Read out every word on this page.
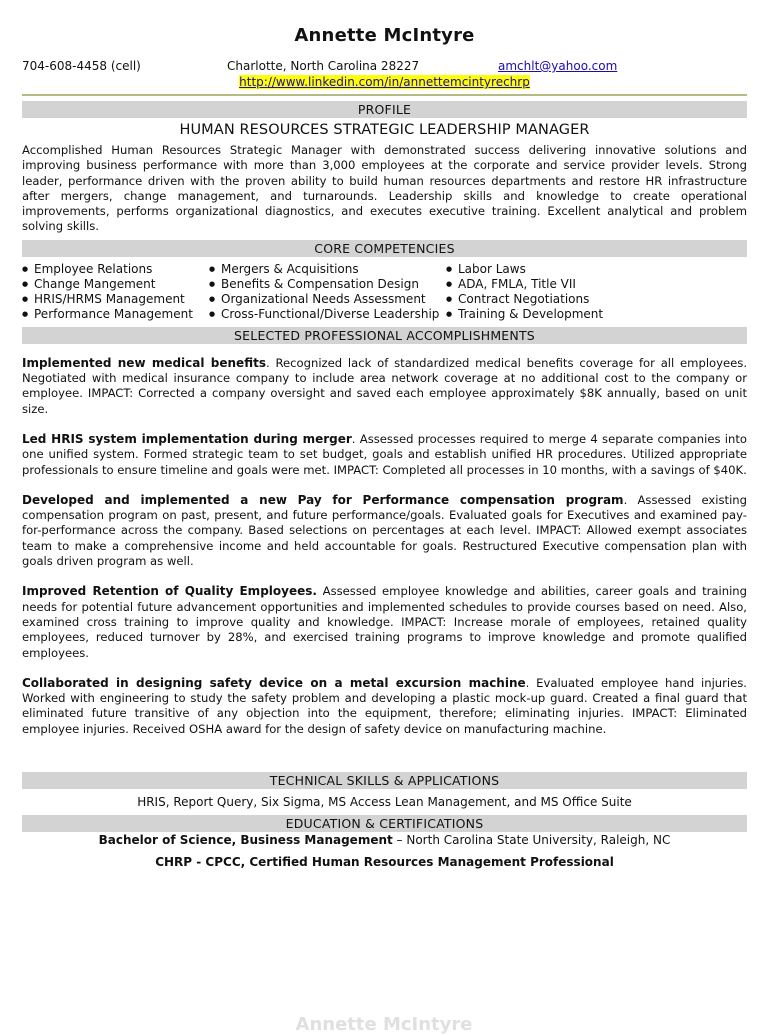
Annette McIntyre
704-608-4458 (cell)	Charlotte, North Carolina 28227	amchlt@yahoo.com
http://www.linkedin.com/in/annettemcintyrechrp
PROFILE
HUMAN RESOURCES STRATEGIC LEADERSHIP MANAGER

Accomplished Human Resources Strategic Manager with demonstrated success delivering innovative solutions and improving business performance with more than 3,000 employees at the corporate and service provider levels. Strong leader, performance driven with the proven ability to build human resources departments and restore HR infrastructure after mergers, change management, and turnarounds. Leadership skills and knowledge to create operational improvements, performs organizational diagnostics, and executes executive training. Excellent analytical and problem solving skills.

CORE COMPETENCIES
● Employee Relations
● Change Mangement
● HRIS/HRMS Management
● Performance Management
● Mergers & Acquisitions
● Benefits & Compensation Design
● Organizational Needs Assessment
● Cross-Functional/Diverse Leadership
● Labor Laws
● ADA, FMLA, Title VII
● Contract Negotiations
● Training & Development
SELECTED PROFESSIONAL ACCOMPLISHMENTS

Implemented new medical benefits. Recognized lack of standardized medical benefits coverage for all employees. Negotiated with medical insurance company to include area network coverage at no additional cost to the company or employee. IMPACT: Corrected a company oversight and saved each employee approximately $8K annually, based on unit size.

Led HRIS system implementation during merger. Assessed processes required to merge 4 separate companies into one unified system. Formed strategic team to set budget, goals and establish unified HR procedures. Utilized appropriate professionals to ensure timeline and goals were met. IMPACT: Completed all processes in 10 months, with a savings of $40K.

Developed and implemented a new Pay for Performance compensation program. Assessed existing compensation program on past, present, and future performance/goals. Evaluated goals for Executives and examined pay-for-performance across the company. Based selections on percentages at each level. IMPACT: Allowed exempt associates team to make a comprehensive income and held accountable for goals. Restructured Executive compensation plan with goals driven program as well.

Improved Retention of Quality Employees. Assessed employee knowledge and abilities, career goals and training needs for potential future advancement opportunities and implemented schedules to provide courses based on need. Also, examined cross training to improve quality and knowledge. IMPACT: Increase morale of employees, retained quality employees, reduced turnover by 28%, and exercised training programs to improve knowledge and promote qualified employees.

Collaborated in designing safety device on a metal excursion machine. Evaluated employee hand injuries. Worked with engineering to study the safety problem and developing a plastic mock-up guard. Created a final guard that eliminated future transitive of any objection into the equipment, therefore; eliminating injuries. IMPACT: Eliminated employee injuries. Received OSHA award for the design of safety device on manufacturing machine.

TECHNICAL SKILLS & APPLICATIONS
HRIS, Report Query, Six Sigma, MS Access Lean Management, and MS Office Suite
EDUCATION & CERTIFICATIONS
Bachelor of Science, Business Management – North Carolina State University, Raleigh, NC
CHRP - CPCC, Certified Human Resources Management Professional
Annette McIntyre
